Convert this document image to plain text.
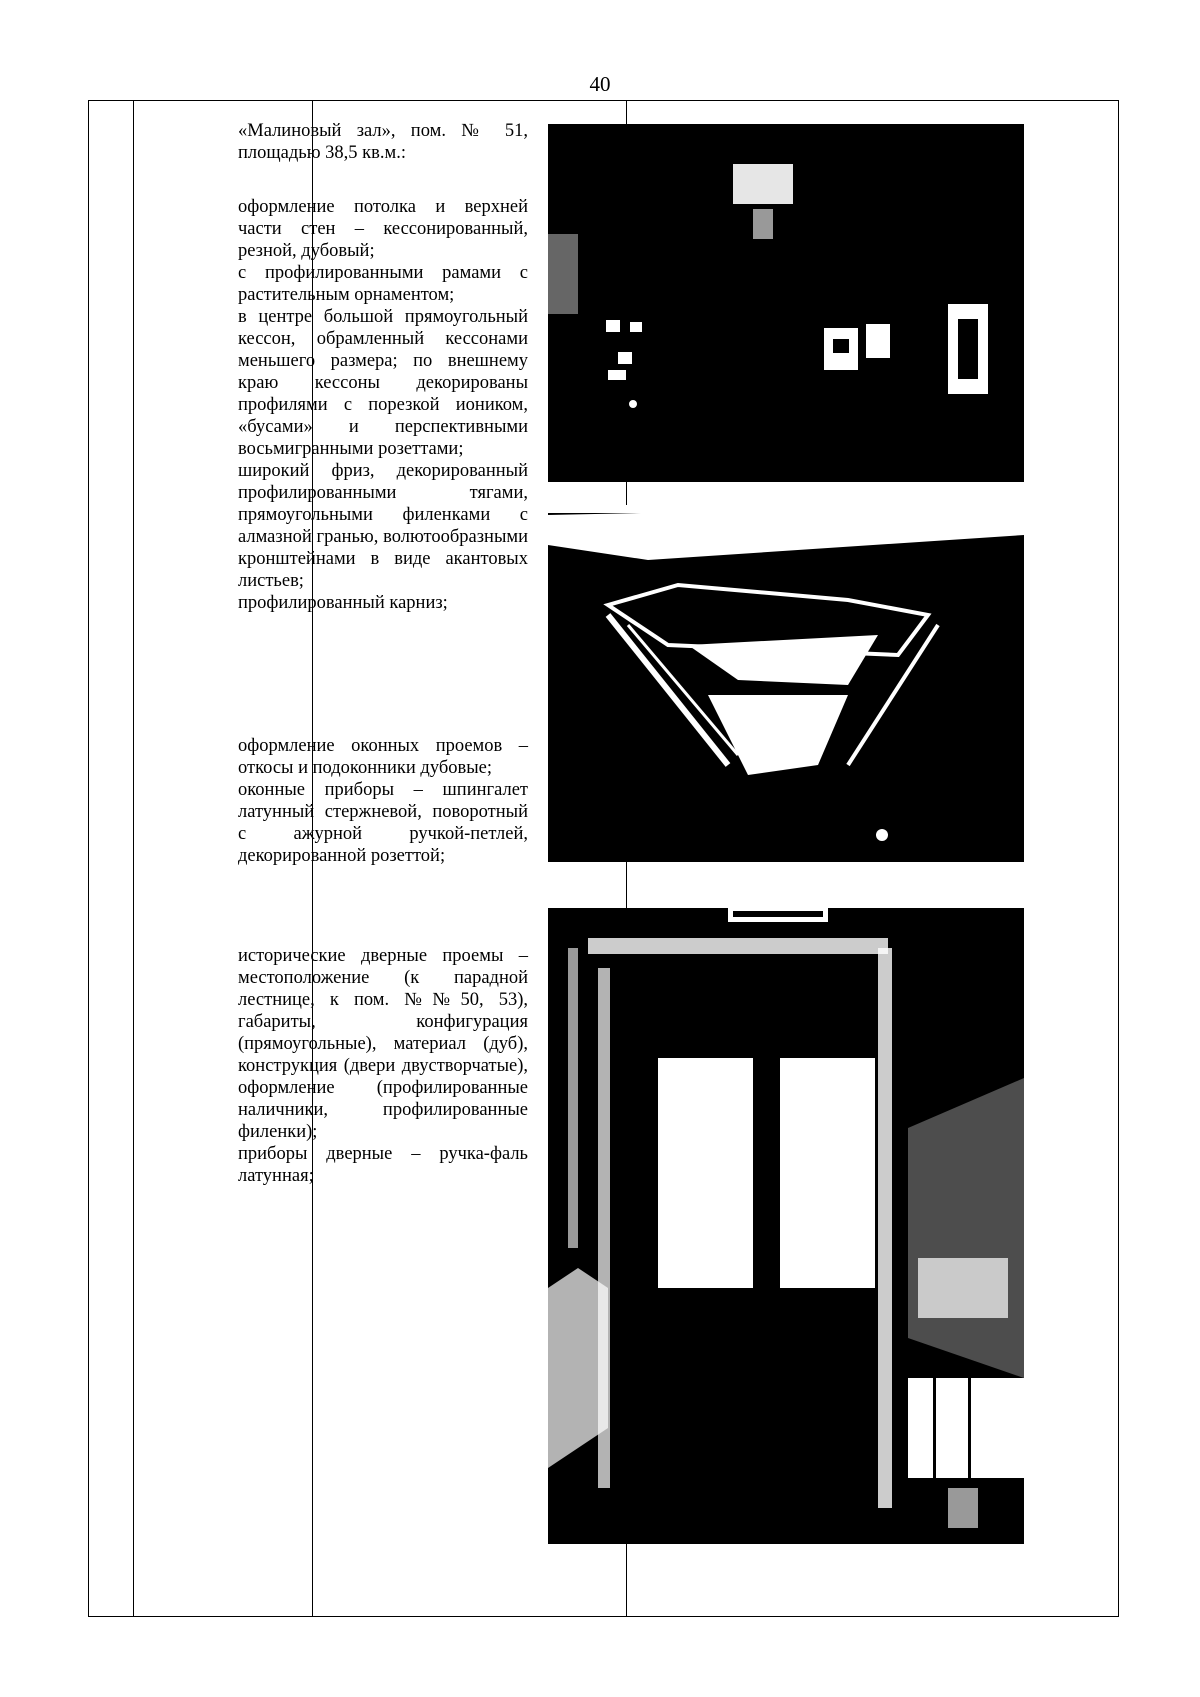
40

«Малиновый зал», пом. № 51, площадью 38,5 кв.м.:

оформление потолка и верхней части стен – кессонированный, резной, дубовый;

с профилированными рамами с растительным орнаментом;

в центре большой прямоугольный кессон, обрамленный кессонами меньшего размера; по внешнему краю кессоны декорированы профилями с порезкой иоником, «бусами» и перспективными восьмигранными розеттами;

широкий фриз, декорированный профилированными тягами, прямоугольными филенками с алмазной гранью, волютообразными кронштейнами в виде акантовых листьев;

профилированный карниз;

оформление оконных проемов – откосы и подоконники дубовые;

оконные приборы – шпингалет латунный стержневой, поворотный с ажурной ручкой-петлей, декорированной розеттой;

исторические дверные проемы – местоположение (к парадной лестнице, к пом. №№50, 53), габариты, конфигурация (прямоугольные), материал (дуб), конструкция (двери двустворчатые), оформление (профилированные наличники, профилированные филенки);

приборы дверные – ручка-фаль латунная;
